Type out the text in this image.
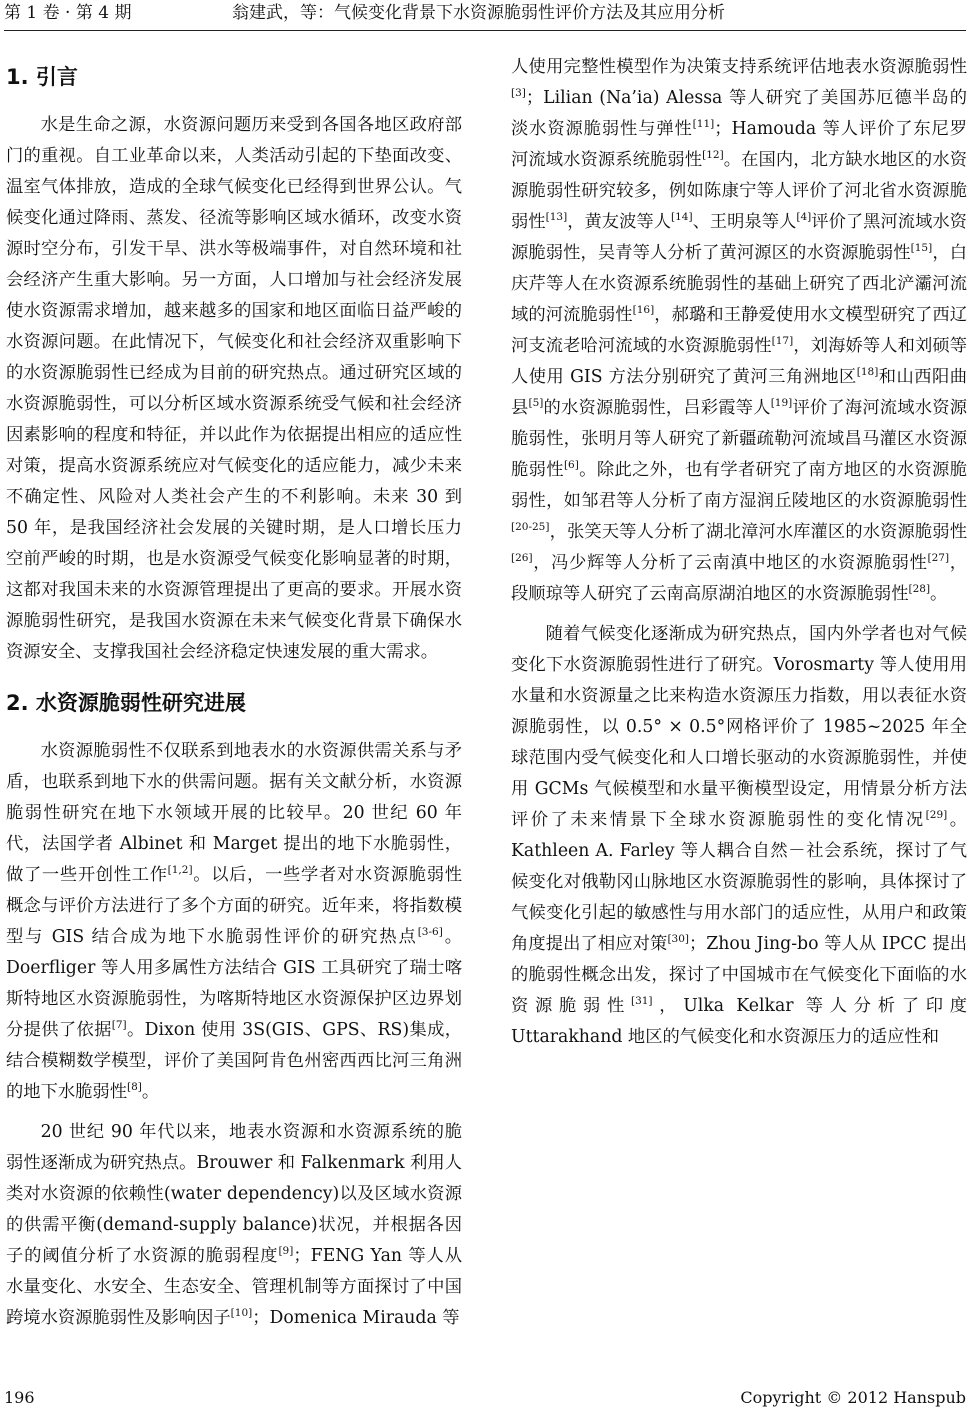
第 1 卷 · 第 4 期	翁建武，等：气候变化背景下水资源脆弱性评价方法及其应用分析
1. 引言

水是生命之源，水资源问题历来受到各国各地区政府部门的重视。自工业革命以来，人类活动引起的下垫面改变、温室气体排放，造成的全球气候变化已经得到世界公认。气候变化通过降雨、蒸发、径流等影响区域水循环，改变水资源时空分布，引发干旱、洪水等极端事件，对自然环境和社会经济产生重大影响。另一方面，人口增加与社会经济发展使水资源需求增加，越来越多的国家和地区面临日益严峻的水资源问题。在此情况下，气候变化和社会经济双重影响下的水资源脆弱性已经成为目前的研究热点。通过研究区域的水资源脆弱性，可以分析区域水资源系统受气候和社会经济因素影响的程度和特征，并以此作为依据提出相应的适应性对策，提高水资源系统应对气候变化的适应能力，减少未来不确定性、风险对人类社会产生的不利影响。未来 30 到 50 年，是我国经济社会发展的关键时期，是人口增长压力空前严峻的时期，也是水资源受气候变化影响显著的时期，这都对我国未来的水资源管理提出了更高的要求。开展水资源脆弱性研究，是我国水资源在未来气候变化背景下确保水资源安全、支撑我国社会经济稳定快速发展的重大需求。

2. 水资源脆弱性研究进展

水资源脆弱性不仅联系到地表水的水资源供需关系与矛盾，也联系到地下水的供需问题。据有关文献分析，水资源脆弱性研究在地下水领域开展的比较早。20 世纪 60 年代，法国学者 Albinet 和 Marget 提出的地下水脆弱性，做了一些开创性工作[1,2]。以后，一些学者对水资源脆弱性概念与评价方法进行了多个方面的研究。近年来，将指数模型与 GIS 结合成为地下水脆弱性评价的研究热点[3-6]。Doerfliger 等人用多属性方法结合 GIS 工具研究了瑞士喀斯特地区水资源脆弱性，为喀斯特地区水资源保护区边界划分提供了依据[7]。Dixon 使用 3S(GIS、GPS、RS)集成，结合模糊数学模型，评价了美国阿肯色州密西西比河三角洲的地下水脆弱性[8]。

20 世纪 90 年代以来，地表水资源和水资源系统的脆弱性逐渐成为研究热点。Brouwer 和 Falkenmark 利用人类对水资源的依赖性(water dependency)以及区域水资源的供需平衡(demand-supply balance)状况，并根据各因子的阈值分析了水资源的脆弱程度[9]；FENG Yan 等人从水量变化、水安全、生态安全、管理机制等方面探讨了中国跨境水资源脆弱性及影响因子[10]；Domenica Mirauda 等

人使用完整性模型作为决策支持系统评估地表水资源脆弱性[3]；Lilian (Na’ia) Alessa 等人研究了美国苏厄德半岛的淡水资源脆弱性与弹性[11]；Hamouda 等人评价了东尼罗河流域水资源系统脆弱性[12]。在国内，北方缺水地区的水资源脆弱性研究较多，例如陈康宁等人评价了河北省水资源脆弱性[13]，黄友波等人[14]、王明泉等人[4]评价了黑河流域水资源脆弱性，吴青等人分析了黄河源区的水资源脆弱性[15]，白庆芹等人在水资源系统脆弱性的基础上研究了西北浐灞河流域的河流脆弱性[16]，郝璐和王静爱使用水文模型研究了西辽河支流老哈河流域的水资源脆弱性[17]，刘海娇等人和刘硕等人使用 GIS 方法分别研究了黄河三角洲地区[18]和山西阳曲县[5]的水资源脆弱性，吕彩霞等人[19]评价了海河流域水资源脆弱性，张明月等人研究了新疆疏勒河流域昌马灌区水资源脆弱性[6]。除此之外，也有学者研究了南方地区的水资源脆弱性，如邹君等人分析了南方湿润丘陵地区的水资源脆弱性[20-25]，张笑天等人分析了湖北漳河水库灌区的水资源脆弱性[26]，冯少辉等人分析了云南滇中地区的水资源脆弱性[27]，段顺琼等人研究了云南高原湖泊地区的水资源脆弱性[28]。

随着气候变化逐渐成为研究热点，国内外学者也对气候变化下水资源脆弱性进行了研究。Vorosmarty 等人使用用水量和水资源量之比来构造水资源压力指数，用以表征水资源脆弱性，以 0.5° × 0.5°网格评价了 1985~2025 年全球范围内受气候变化和人口增长驱动的水资源脆弱性，并使用 GCMs 气候模型和水量平衡模型设定，用情景分析方法评价了未来情景下全球水资源脆弱性的变化情况[29]。Kathleen A. Farley 等人耦合自然－社会系统，探讨了气候变化对俄勒冈山脉地区水资源脆弱性的影响，具体探讨了气候变化引起的敏感性与用水部门的适应性，从用户和政策角度提出了相应对策[30]；Zhou Jing-bo 等人从 IPCC 提出的脆弱性概念出发，探讨了中国城市在气候变化下面临的水资源脆弱性[31]，Ulka Kelkar 等人分析了印度 Uttarakhand 地区的气候变化和水资源压力的适应性和

196	Copyright © 2012 Hanspub
